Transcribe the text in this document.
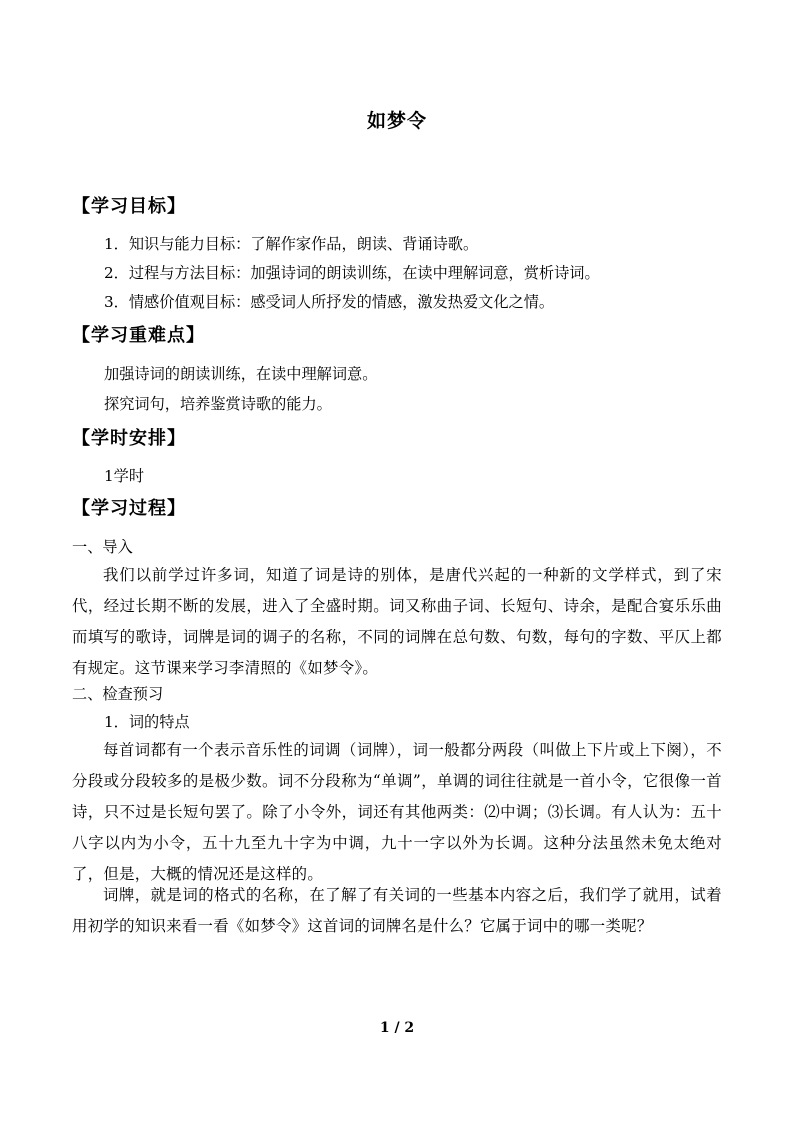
如梦令
【学习目标】
1．知识与能力目标：了解作家作品，朗读、背诵诗歌。
2．过程与方法目标：加强诗词的朗读训练，在读中理解词意，赏析诗词。
3．情感价值观目标：感受词人所抒发的情感，激发热爱文化之情。
【学习重难点】
加强诗词的朗读训练，在读中理解词意。
探究词句，培养鉴赏诗歌的能力。
【学时安排】
1学时
【学习过程】
一、导入
我们以前学过许多词，知道了词是诗的别体，是唐代兴起的一种新的文学样式，到了宋代，经过长期不断的发展，进入了全盛时期。词又称曲子词、长短句、诗余，是配合宴乐乐曲而填写的歌诗，词牌是词的调子的名称，不同的词牌在总句数、句数，每句的字数、平仄上都有规定。这节课来学习李清照的《如梦令》。
二、检查预习
1．词的特点
每首词都有一个表示音乐性的词调（词牌），词一般都分两段（叫做上下片或上下阕），不分段或分段较多的是极少数。词不分段称为“单调”，单调的词往往就是一首小令，它很像一首诗，只不过是长短句罢了。除了小令外，词还有其他两类：⑵中调；⑶长调。有人认为：五十八字以内为小令，五十九至九十字为中调，九十一字以外为长调。这种分法虽然未免太绝对了，但是，大概的情况还是这样的。
词牌，就是词的格式的名称，在了解了有关词的一些基本内容之后，我们学了就用，试着用初学的知识来看一看《如梦令》这首词的词牌名是什么？它属于词中的哪一类呢？
1 / 2
